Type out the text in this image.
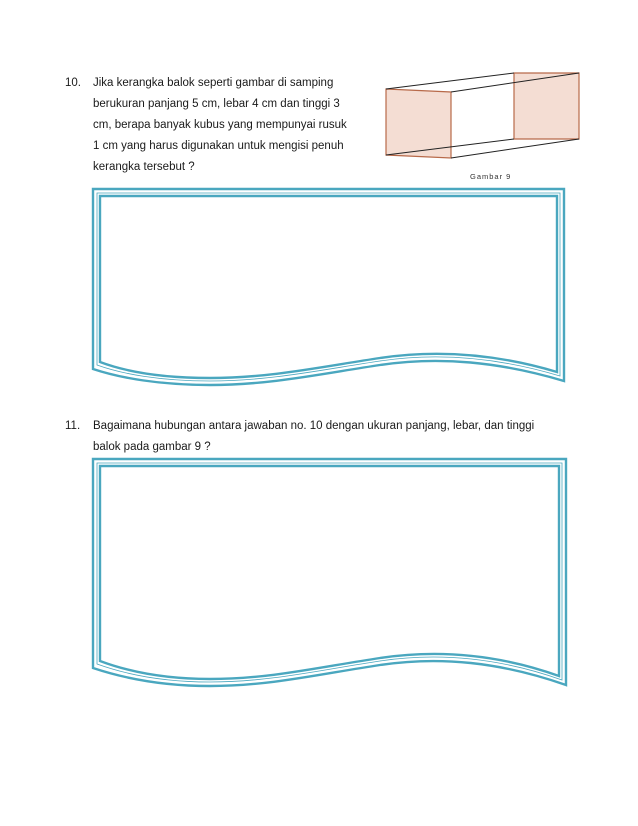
10. Jika kerangka balok seperti gambar di samping
berukuran panjang 5 cm, lebar 4 cm dan tinggi 3
cm, berapa banyak kubus yang mempunyai rusuk
1 cm yang harus digunakan untuk mengisi penuh
kerangka tersebut ?
Gambar 9
11. Bagaimana hubungan antara jawaban no. 10 dengan ukuran panjang, lebar, dan tinggi
balok pada gambar 9 ?
